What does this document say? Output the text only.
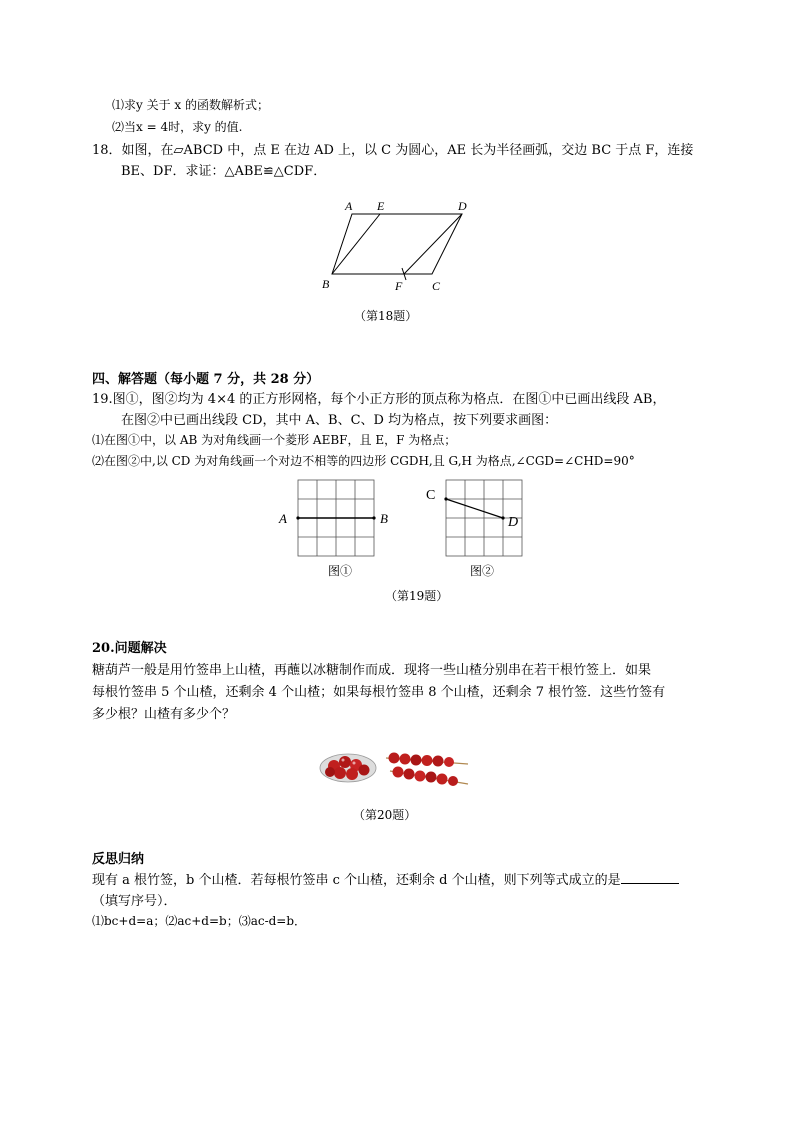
⑴求y 关于 x 的函数解析式；
⑵当x = 4时，求y 的值.
18．如图，在▱ABCD 中，点 E 在边 AD 上，以 C 为圆心，AE 长为半径画弧，交边 BC 于点 F，连接
BE、DF．求证：△ABE≌△CDF．
A E	D
B	F C
（第18题）
四、解答题（每小题 7 分，共 28 分）
19.图①，图②均为 4×4 的正方形网格，每个小正方形的顶点称为格点．在图①中已画出线段 AB，
在图②中已画出线段 CD，其中 A、B、C、D 均为格点，按下列要求画图：
⑴在图①中，以 AB 为对角线画一个菱形 AEBF，且 E，F 为格点；
⑵在图②中,以 CD 为对角线画一个对边不相等的四边形 CGDH,且 G,H 为格点,∠CGD=∠CHD=90°
A	B
图①
C
D
图②
（第19题）
20.问题解决
糖葫芦一般是用竹签串上山楂，再蘸以冰糖制作而成．现将一些山楂分别串在若干根竹签上．如果
每根竹签串 5 个山楂，还剩余 4 个山楂；如果每根竹签串 8 个山楂，还剩余 7 根竹签．这些竹签有
多少根？山楂有多少个？
（第20题）
反思归纳
现有 a 根竹签，b 个山楂．若每根竹签串 c 个山楂，还剩余 d 个山楂，则下列等式成立的是
（填写序号）．
⑴bc+d=a；⑵ac+d=b；⑶ac-d=b．
